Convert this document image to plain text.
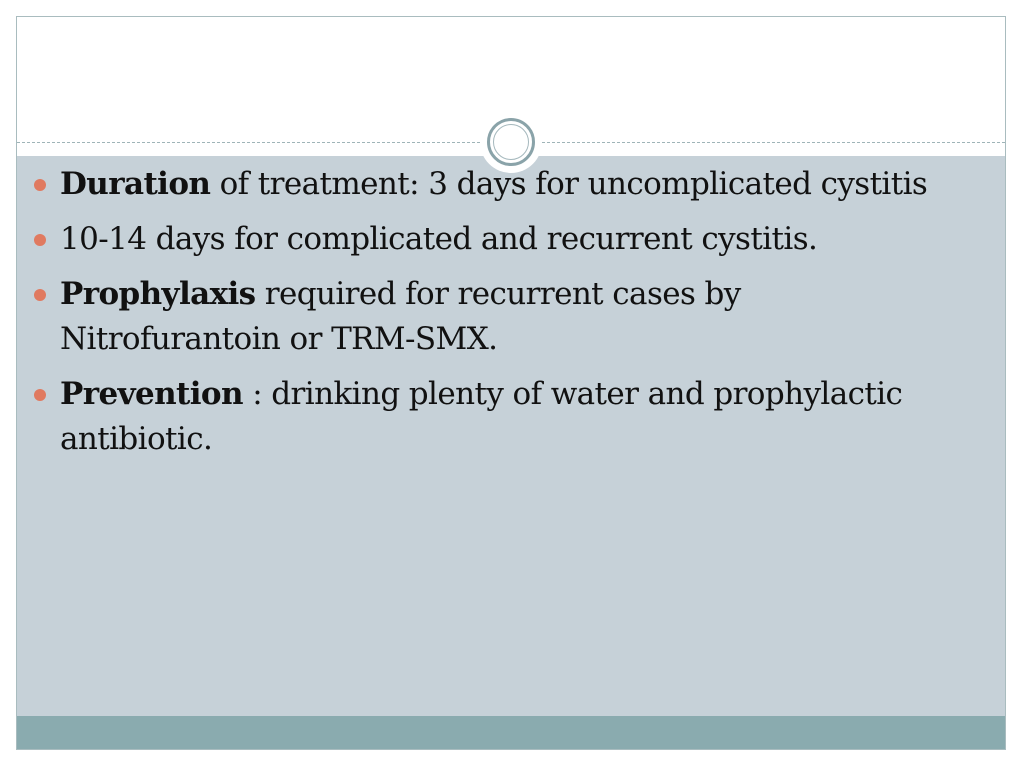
Duration of treatment: 3 days for uncomplicated cystitis
10-14 days for complicated and recurrent cystitis.
Prophylaxis required for recurrent cases by Nitrofurantoin or TRM-SMX.
Prevention : drinking plenty of water and prophylactic antibiotic.
